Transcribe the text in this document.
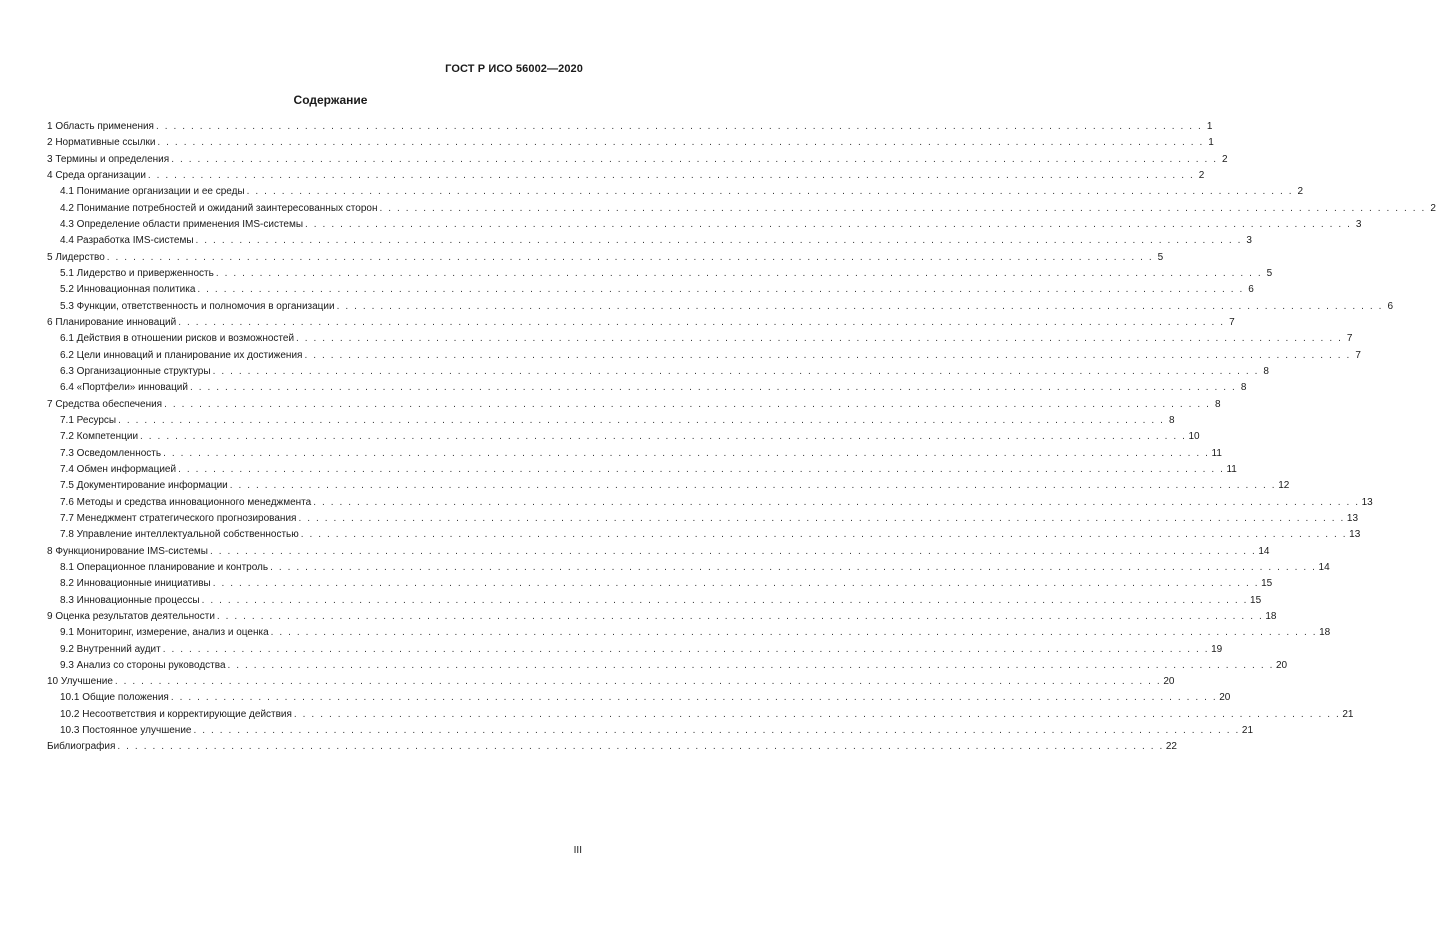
ГОСТ Р ИСО 56002—2020
Содержание
1 Область применения . . . . . . . . . . . . . . . . . . . . . . . . . . . . . . . . . . . . . . . . . . . . . . . . . . . . . . . . . . . . . . . . . . . . . . . . . . . . . . . . . . . . . . . . . . . . . . . . . . . . . . . . . . . . . . . . . . . . . . . . 1
2 Нормативные ссылки . . . . . . . . . . . . . . . . . . . . . . . . . . . . . . . . . . . . . . . . . . . . . . . . . . . . . . . . . . . . . . . . . . . . . . . . . . . . . . . . . . . . . . . . . . . . . . . . . . . . . . . . . . . . . . . . . . . . . . . . 1
3 Термины и определения . . . . . . . . . . . . . . . . . . . . . . . . . . . . . . . . . . . . . . . . . . . . . . . . . . . . . . . . . . . . . . . . . . . . . . . . . . . . . . . . . . . . . . . . . . . . . . . . . . . . . . . . . . . . . . . . . . . . . . . . 2
4 Среда организации . . . . . . . . . . . . . . . . . . . . . . . . . . . . . . . . . . . . . . . . . . . . . . . . . . . . . . . . . . . . . . . . . . . . . . . . . . . . . . . . . . . . . . . . . . . . . . . . . . . . . . . . . . . . . . . . . . . . . . . . 2
4.1 Понимание организации и ее среды . . . . . . . . . . . . . . . . . . . . . . . . . . . . . . . . . . . . . . . . . . . . . . . . . . . . . . . . . . . . . . . . . . . . . . . . . . . . . . . . . . . . . . . . . . . . . . . . . . . . . . . . . . . . . . . . . . . . . . . . 2
4.2 Понимание потребностей и ожиданий заинтересованных сторон . . . . . . . . . . . . . . . . . . . . . . . . . . . . . . . . . . . . . . . . . . . . . . . . . . . . . . . . . . . . . . . . . . . . . . . . . . . . . . . . . . . . . . . . . . . . . . . . . . . . . . . . . . . . . . . . . . . . . . . . 2
4.3 Определение области применения IMS-системы . . . . . . . . . . . . . . . . . . . . . . . . . . . . . . . . . . . . . . . . . . . . . . . . . . . . . . . . . . . . . . . . . . . . . . . . . . . . . . . . . . . . . . . . . . . . . . . . . . . . . . . . . . . . . . . . . . . . . . . . 3
4.4 Разработка IMS-системы . . . . . . . . . . . . . . . . . . . . . . . . . . . . . . . . . . . . . . . . . . . . . . . . . . . . . . . . . . . . . . . . . . . . . . . . . . . . . . . . . . . . . . . . . . . . . . . . . . . . . . . . . . . . . . . . . . . . . . . . 3
5 Лидерство . . . . . . . . . . . . . . . . . . . . . . . . . . . . . . . . . . . . . . . . . . . . . . . . . . . . . . . . . . . . . . . . . . . . . . . . . . . . . . . . . . . . . . . . . . . . . . . . . . . . . . . . . . . . . . . . . . . . . . . . 5
5.1 Лидерство и приверженность . . . . . . . . . . . . . . . . . . . . . . . . . . . . . . . . . . . . . . . . . . . . . . . . . . . . . . . . . . . . . . . . . . . . . . . . . . . . . . . . . . . . . . . . . . . . . . . . . . . . . . . . . . . . . . . . . . . . . . . . 5
5.2 Инновационная политика . . . . . . . . . . . . . . . . . . . . . . . . . . . . . . . . . . . . . . . . . . . . . . . . . . . . . . . . . . . . . . . . . . . . . . . . . . . . . . . . . . . . . . . . . . . . . . . . . . . . . . . . . . . . . . . . . . . . . . . . 6
5.3 Функции, ответственность и полномочия в организации . . . . . . . . . . . . . . . . . . . . . . . . . . . . . . . . . . . . . . . . . . . . . . . . . . . . . . . . . . . . . . . . . . . . . . . . . . . . . . . . . . . . . . . . . . . . . . . . . . . . . . . . . . . . . . . . . . . . . . . . 6
6 Планирование инноваций . . . . . . . . . . . . . . . . . . . . . . . . . . . . . . . . . . . . . . . . . . . . . . . . . . . . . . . . . . . . . . . . . . . . . . . . . . . . . . . . . . . . . . . . . . . . . . . . . . . . . . . . . . . . . . . . . . . . . . . . 7
6.1 Действия в отношении рисков и возможностей . . . . . . . . . . . . . . . . . . . . . . . . . . . . . . . . . . . . . . . . . . . . . . . . . . . . . . . . . . . . . . . . . . . . . . . . . . . . . . . . . . . . . . . . . . . . . . . . . . . . . . . . . . . . . . . . . . . . . . . . 7
6.2 Цели инноваций и планирование их достижения . . . . . . . . . . . . . . . . . . . . . . . . . . . . . . . . . . . . . . . . . . . . . . . . . . . . . . . . . . . . . . . . . . . . . . . . . . . . . . . . . . . . . . . . . . . . . . . . . . . . . . . . . . . . . . . . . . . . . . . . 7
6.3 Организационные структуры . . . . . . . . . . . . . . . . . . . . . . . . . . . . . . . . . . . . . . . . . . . . . . . . . . . . . . . . . . . . . . . . . . . . . . . . . . . . . . . . . . . . . . . . . . . . . . . . . . . . . . . . . . . . . . . . . . . . . . . . 8
6.4 «Портфели» инноваций . . . . . . . . . . . . . . . . . . . . . . . . . . . . . . . . . . . . . . . . . . . . . . . . . . . . . . . . . . . . . . . . . . . . . . . . . . . . . . . . . . . . . . . . . . . . . . . . . . . . . . . . . . . . . . . . . . . . . . . . 8
7 Средства обеспечения . . . . . . . . . . . . . . . . . . . . . . . . . . . . . . . . . . . . . . . . . . . . . . . . . . . . . . . . . . . . . . . . . . . . . . . . . . . . . . . . . . . . . . . . . . . . . . . . . . . . . . . . . . . . . . . . . . . . . . . . 8
7.1 Ресурсы . . . . . . . . . . . . . . . . . . . . . . . . . . . . . . . . . . . . . . . . . . . . . . . . . . . . . . . . . . . . . . . . . . . . . . . . . . . . . . . . . . . . . . . . . . . . . . . . . . . . . . . . . . . . . . . . . . . . . . . . 8
7.2 Компетенции . . . . . . . . . . . . . . . . . . . . . . . . . . . . . . . . . . . . . . . . . . . . . . . . . . . . . . . . . . . . . . . . . . . . . . . . . . . . . . . . . . . . . . . . . . . . . . . . . . . . . . . . . . . . . . . . . . . . . . . . 10
7.3 Осведомленность . . . . . . . . . . . . . . . . . . . . . . . . . . . . . . . . . . . . . . . . . . . . . . . . . . . . . . . . . . . . . . . . . . . . . . . . . . . . . . . . . . . . . . . . . . . . . . . . . . . . . . . . . . . . . . . . . . . . . . . . 11
7.4 Обмен информацией . . . . . . . . . . . . . . . . . . . . . . . . . . . . . . . . . . . . . . . . . . . . . . . . . . . . . . . . . . . . . . . . . . . . . . . . . . . . . . . . . . . . . . . . . . . . . . . . . . . . . . . . . . . . . . . . . . . . . . . . 11
7.5 Документирование информации . . . . . . . . . . . . . . . . . . . . . . . . . . . . . . . . . . . . . . . . . . . . . . . . . . . . . . . . . . . . . . . . . . . . . . . . . . . . . . . . . . . . . . . . . . . . . . . . . . . . . . . . . . . . . . . . . . . . . . . . 12
7.6 Методы и средства инновационного менеджмента . . . . . . . . . . . . . . . . . . . . . . . . . . . . . . . . . . . . . . . . . . . . . . . . . . . . . . . . . . . . . . . . . . . . . . . . . . . . . . . . . . . . . . . . . . . . . . . . . . . . . . . . . . . . . . . . . . . . . . . . 13
7.7 Менеджмент стратегического прогнозирования . . . . . . . . . . . . . . . . . . . . . . . . . . . . . . . . . . . . . . . . . . . . . . . . . . . . . . . . . . . . . . . . . . . . . . . . . . . . . . . . . . . . . . . . . . . . . . . . . . . . . . . . . . . . . . . . . . . . . . . . 13
7.8 Управление интеллектуальной собственностью . . . . . . . . . . . . . . . . . . . . . . . . . . . . . . . . . . . . . . . . . . . . . . . . . . . . . . . . . . . . . . . . . . . . . . . . . . . . . . . . . . . . . . . . . . . . . . . . . . . . . . . . . . . . . . . . . . . . . . . . 13
8 Функционирование IMS-системы . . . . . . . . . . . . . . . . . . . . . . . . . . . . . . . . . . . . . . . . . . . . . . . . . . . . . . . . . . . . . . . . . . . . . . . . . . . . . . . . . . . . . . . . . . . . . . . . . . . . . . . . . . . . . . . . . . . . . . . . 14
8.1 Операционное планирование и контроль . . . . . . . . . . . . . . . . . . . . . . . . . . . . . . . . . . . . . . . . . . . . . . . . . . . . . . . . . . . . . . . . . . . . . . . . . . . . . . . . . . . . . . . . . . . . . . . . . . . . . . . . . . . . . . . . . . . . . . . . 14
8.2 Инновационные инициативы . . . . . . . . . . . . . . . . . . . . . . . . . . . . . . . . . . . . . . . . . . . . . . . . . . . . . . . . . . . . . . . . . . . . . . . . . . . . . . . . . . . . . . . . . . . . . . . . . . . . . . . . . . . . . . . . . . . . . . . . 15
8.3 Инновационные процессы . . . . . . . . . . . . . . . . . . . . . . . . . . . . . . . . . . . . . . . . . . . . . . . . . . . . . . . . . . . . . . . . . . . . . . . . . . . . . . . . . . . . . . . . . . . . . . . . . . . . . . . . . . . . . . . . . . . . . . . . 15
9 Оценка результатов деятельности . . . . . . . . . . . . . . . . . . . . . . . . . . . . . . . . . . . . . . . . . . . . . . . . . . . . . . . . . . . . . . . . . . . . . . . . . . . . . . . . . . . . . . . . . . . . . . . . . . . . . . . . . . . . . . . . . . . . . . . . 18
9.1 Мониторинг, измерение, анализ и оценка . . . . . . . . . . . . . . . . . . . . . . . . . . . . . . . . . . . . . . . . . . . . . . . . . . . . . . . . . . . . . . . . . . . . . . . . . . . . . . . . . . . . . . . . . . . . . . . . . . . . . . . . . . . . . . . . . . . . . . . . 18
9.2 Внутренний аудит . . . . . . . . . . . . . . . . . . . . . . . . . . . . . . . . . . . . . . . . . . . . . . . . . . . . . . . . . . . . . . . . . . . . . . . . . . . . . . . . . . . . . . . . . . . . . . . . . . . . . . . . . . . . . . . . . . . . . . . . 19
9.3 Анализ со стороны руководства . . . . . . . . . . . . . . . . . . . . . . . . . . . . . . . . . . . . . . . . . . . . . . . . . . . . . . . . . . . . . . . . . . . . . . . . . . . . . . . . . . . . . . . . . . . . . . . . . . . . . . . . . . . . . . . . . . . . . . . . 20
10 Улучшение . . . . . . . . . . . . . . . . . . . . . . . . . . . . . . . . . . . . . . . . . . . . . . . . . . . . . . . . . . . . . . . . . . . . . . . . . . . . . . . . . . . . . . . . . . . . . . . . . . . . . . . . . . . . . . . . . . . . . . . . 20
10.1 Общие положения . . . . . . . . . . . . . . . . . . . . . . . . . . . . . . . . . . . . . . . . . . . . . . . . . . . . . . . . . . . . . . . . . . . . . . . . . . . . . . . . . . . . . . . . . . . . . . . . . . . . . . . . . . . . . . . . . . . . . . . . 20
10.2 Несоответствия и корректирующие действия . . . . . . . . . . . . . . . . . . . . . . . . . . . . . . . . . . . . . . . . . . . . . . . . . . . . . . . . . . . . . . . . . . . . . . . . . . . . . . . . . . . . . . . . . . . . . . . . . . . . . . . . . . . . . . . . . . . . . . . . 21
10.3 Постоянное улучшение . . . . . . . . . . . . . . . . . . . . . . . . . . . . . . . . . . . . . . . . . . . . . . . . . . . . . . . . . . . . . . . . . . . . . . . . . . . . . . . . . . . . . . . . . . . . . . . . . . . . . . . . . . . . . . . . . . . . . . . . 21
Библиография . . . . . . . . . . . . . . . . . . . . . . . . . . . . . . . . . . . . . . . . . . . . . . . . . . . . . . . . . . . . . . . . . . . . . . . . . . . . . . . . . . . . . . . . . . . . . . . . . . . . . . . . . . . . . . . . . . . . . . . . 22
III
